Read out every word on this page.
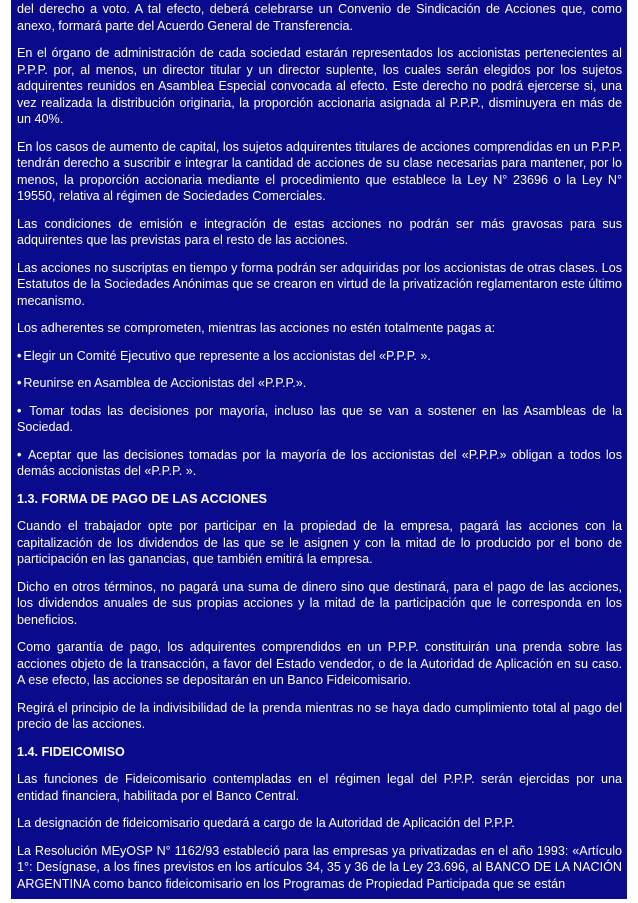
del derecho a voto. A tal efecto, deberá celebrarse un Convenio de Sindicación de Acciones que, como anexo, formará parte del Acuerdo General de Transferencia.

En el órgano de administración de cada sociedad estarán representados los accionistas pertenecientes al P.P.P. por, al menos, un director titular y un director suplente, los cuales serán elegidos por los sujetos adquirentes reunidos en Asamblea Especial convocada al efecto. Este derecho no podrá ejercerse si, una vez realizada la distribución originaria, la proporción accionaria asignada al P.P.P., disminuyera en más de un 40%.

En los casos de aumento de capital, los sujetos adquirentes titulares de acciones comprendidas en un P.P.P. tendrán derecho a suscribir e integrar la cantidad de acciones de su clase necesarias para mantener, por lo menos, la proporción accionaria mediante el procedimiento que establece la Ley N° 23696 o la Ley N° 19550, relativa al régimen de Sociedades Comerciales.

Las condiciones de emisión e integración de estas acciones no podrán ser más gravosas para sus adquirentes que las previstas para el resto de las acciones.

Las acciones no suscriptas en tiempo y forma podrán ser adquiridas por los accionistas de otras clases. Los Estatutos de la Sociedades Anónimas que se crearon en virtud de la privatización reglamentaron este último mecanismo.

Los adherentes se comprometen, mientras las acciones no estén totalmente pagas a:

• Elegir un Comité Ejecutivo que represente a los accionistas del «P.P.P. ».

• Reunirse en Asamblea de Accionistas del «P.P.P.».

• Tomar todas las decisiones por mayoría, incluso las que se van a sostener en las Asambleas de la Sociedad.

• Aceptar que las decisiones tomadas por la mayoría de los accionistas del «P.P.P.» obligan a todos los demás accionistas del «P.P.P. ».

1.3. FORMA DE PAGO DE LAS ACCIONES

Cuando el trabajador opte por participar en la propiedad de la empresa, pagará las acciones con la capitalización de los dividendos de las que se le asignen y con la mitad de lo producido por el bono de participación en las ganancias, que también emitirá la empresa.

Dicho en otros términos, no pagará una suma de dinero sino que destinará, para el pago de las acciones, los dividendos anuales de sus propias acciones y la mitad de la participación que le corresponda en los beneficios.

Como garantía de pago, los adquirentes comprendidos en un P.P.P. constituirán una prenda sobre las acciones objeto de la transacción, a favor del Estado vendedor, o de la Autoridad de Aplicación en su caso. A ese efecto, las acciones se depositarán en un Banco Fideicomisario.

Regirá el principio de la indivisibilidad de la prenda mientras no se haya dado cumplimiento total al pago del precio de las acciones.

1.4. FIDEICOMISO

Las funciones de Fideicomisario contempladas en el régimen legal del P.P.P. serán ejercidas por una entidad financiera, habilitada por el Banco Central.

La designación de fideicomisario quedará a cargo de la Autoridad de Aplicación del P.P.P.

La Resolución MEyOSP N° 1162/93 estableció para las empresas ya privatizadas en el año 1993: «Artículo 1°: Desígnase, a los fines previstos en los artículos 34, 35 y 36 de la Ley 23.696, al BANCO DE LA NACIÓN ARGENTINA como banco fideicomisario en los Programas de Propiedad Participada que se están
